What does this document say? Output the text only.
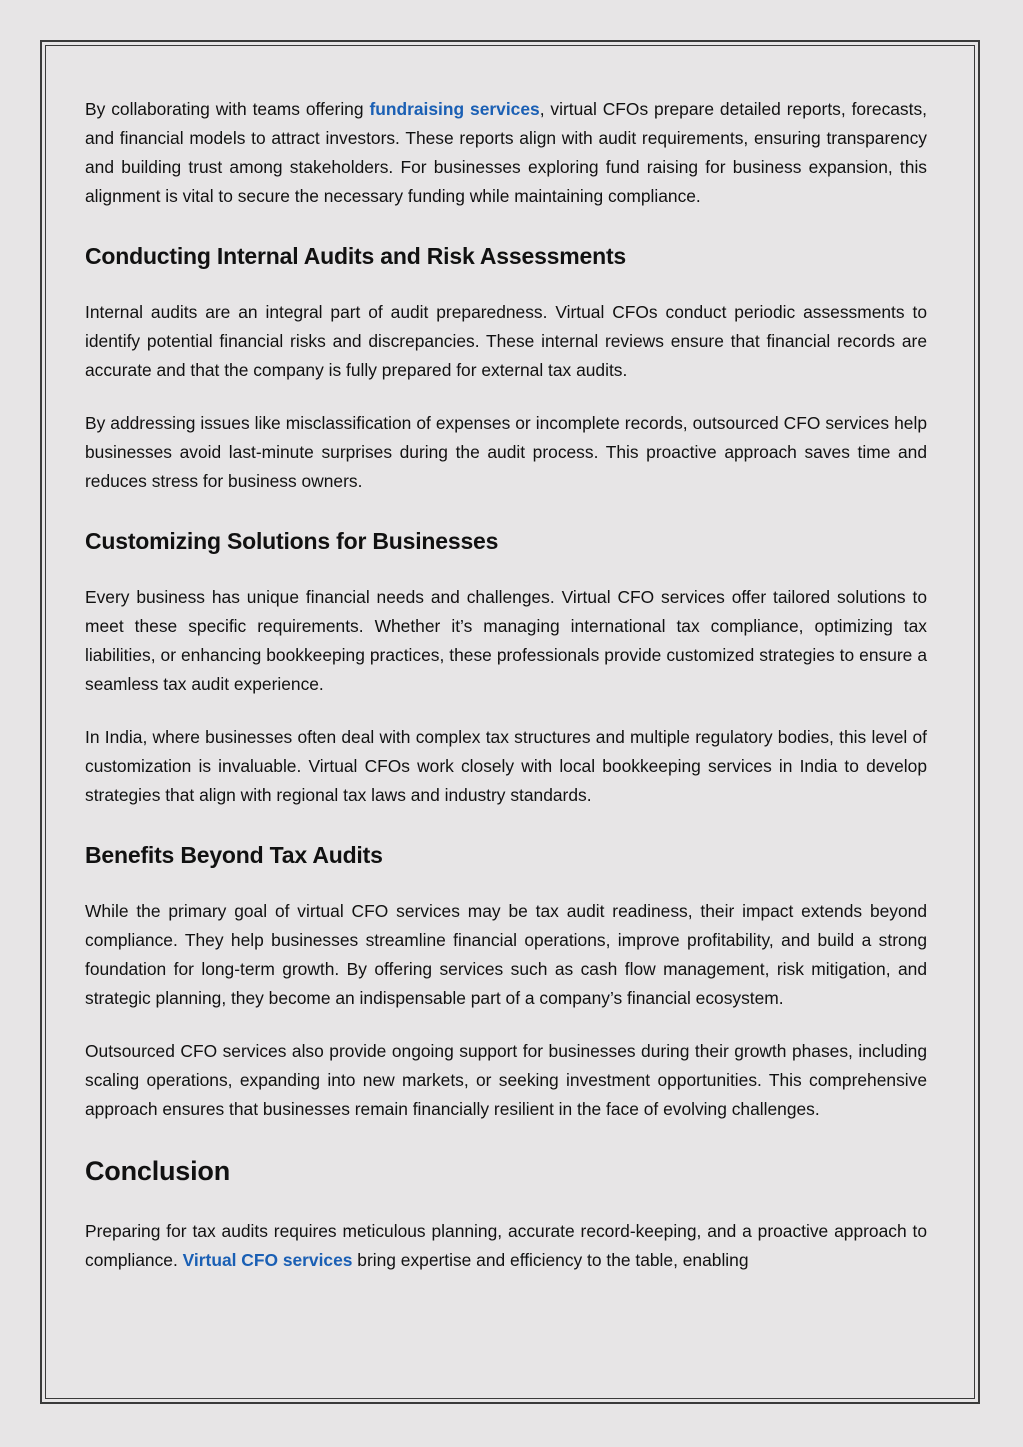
By collaborating with teams offering fundraising services, virtual CFOs prepare detailed reports, forecasts, and financial models to attract investors. These reports align with audit requirements, ensuring transparency and building trust among stakeholders. For businesses exploring fund raising for business expansion, this alignment is vital to secure the necessary funding while maintaining compliance.

Conducting Internal Audits and Risk Assessments

Internal audits are an integral part of audit preparedness. Virtual CFOs conduct periodic assessments to identify potential financial risks and discrepancies. These internal reviews ensure that financial records are accurate and that the company is fully prepared for external tax audits.

By addressing issues like misclassification of expenses or incomplete records, outsourced CFO services help businesses avoid last-minute surprises during the audit process. This proactive approach saves time and reduces stress for business owners.

Customizing Solutions for Businesses

Every business has unique financial needs and challenges. Virtual CFO services offer tailored solutions to meet these specific requirements. Whether it’s managing international tax compliance, optimizing tax liabilities, or enhancing bookkeeping practices, these professionals provide customized strategies to ensure a seamless tax audit experience.

In India, where businesses often deal with complex tax structures and multiple regulatory bodies, this level of customization is invaluable. Virtual CFOs work closely with local bookkeeping services in India to develop strategies that align with regional tax laws and industry standards.

Benefits Beyond Tax Audits

While the primary goal of virtual CFO services may be tax audit readiness, their impact extends beyond compliance. They help businesses streamline financial operations, improve profitability, and build a strong foundation for long-term growth. By offering services such as cash flow management, risk mitigation, and strategic planning, they become an indispensable part of a company’s financial ecosystem.

Outsourced CFO services also provide ongoing support for businesses during their growth phases, including scaling operations, expanding into new markets, or seeking investment opportunities. This comprehensive approach ensures that businesses remain financially resilient in the face of evolving challenges.

Conclusion

Preparing for tax audits requires meticulous planning, accurate record-keeping, and a proactive approach to compliance. Virtual CFO services bring expertise and efficiency to the table, enabling
